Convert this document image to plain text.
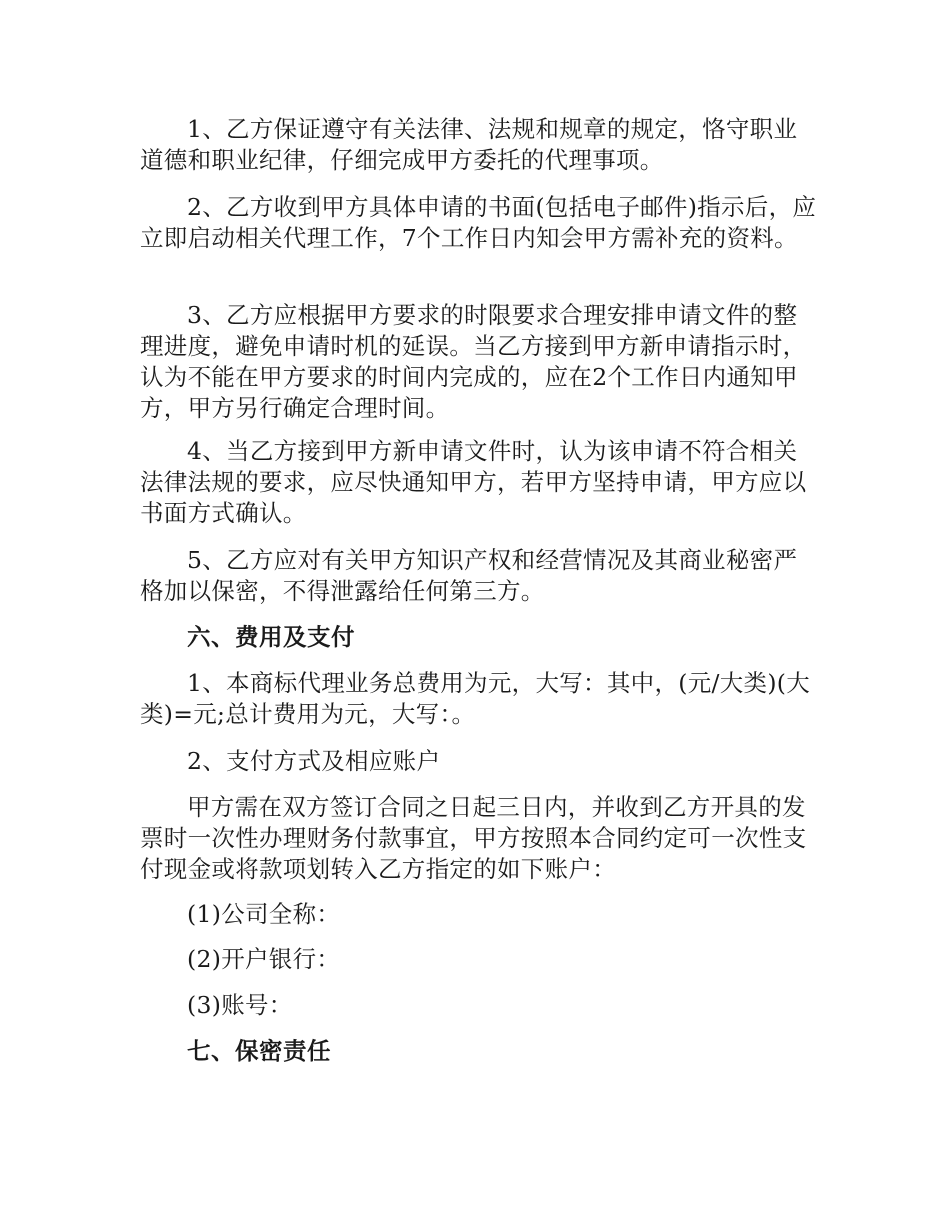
1、乙方保证遵守有关法律、法规和规章的规定，恪守职业道德和职业纪律，仔细完成甲方委托的代理事项。

2、乙方收到甲方具体申请的书面(包括电子邮件)指示后，应立即启动相关代理工作，7个工作日内知会甲方需补充的资料。

3、乙方应根据甲方要求的时限要求合理安排申请文件的整理进度，避免申请时机的延误。当乙方接到甲方新申请指示时，认为不能在甲方要求的时间内完成的，应在2个工作日内通知甲方，甲方另行确定合理时间。

4、当乙方接到甲方新申请文件时，认为该申请不符合相关法律法规的要求，应尽快通知甲方，若甲方坚持申请，甲方应以书面方式确认。

5、乙方应对有关甲方知识产权和经营情况及其商业秘密严格加以保密，不得泄露给任何第三方。

六、费用及支付

1、本商标代理业务总费用为元，大写：其中，(元/大类)(大类)=元;总计费用为元，大写：。

2、支付方式及相应账户

甲方需在双方签订合同之日起三日内，并收到乙方开具的发票时一次性办理财务付款事宜，甲方按照本合同约定可一次性支付现金或将款项划转入乙方指定的如下账户：

(1)公司全称：

(2)开户银行：

(3)账号：

七、保密责任
